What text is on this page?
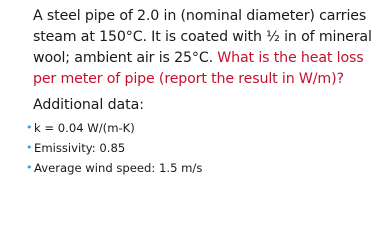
A steel pipe of 2.0 in (nominal diameter) carries steam at 150°C. It is coated with ½ in of mineral wool; ambient air is 25°C. What is the heat loss per meter of pipe (report the result in W/m)?

Additional data:

• k = 0.04 W/(m-K)
• Emissivity: 0.85
• Average wind speed: 1.5 m/s
